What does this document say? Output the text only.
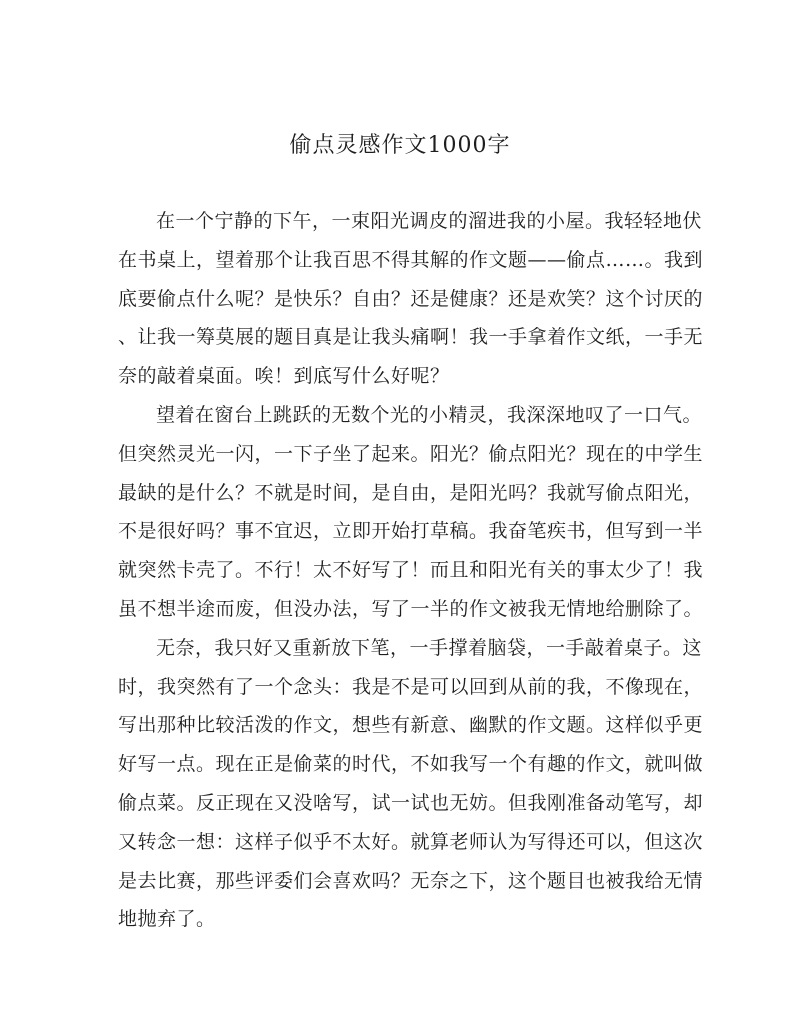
偷点灵感作文1000字
在一个宁静的下午，一束阳光调皮的溜进我的小屋。我轻轻地伏
在书桌上，望着那个让我百思不得其解的作文题——偷点……。我到
底要偷点什么呢？是快乐？自由？还是健康？还是欢笑？这个讨厌的
、让我一筹莫展的题目真是让我头痛啊！我一手拿着作文纸，一手无
奈的敲着桌面。唉！到底写什么好呢？
望着在窗台上跳跃的无数个光的小精灵，我深深地叹了一口气。
但突然灵光一闪，一下子坐了起来。阳光？偷点阳光？现在的中学生
最缺的是什么？不就是时间，是自由，是阳光吗？我就写偷点阳光，
不是很好吗？事不宜迟，立即开始打草稿。我奋笔疾书，但写到一半
就突然卡壳了。不行！太不好写了！而且和阳光有关的事太少了！我
虽不想半途而废，但没办法，写了一半的作文被我无情地给删除了。
无奈，我只好又重新放下笔，一手撑着脑袋，一手敲着桌子。这
时，我突然有了一个念头：我是不是可以回到从前的我，不像现在，
写出那种比较活泼的作文，想些有新意、幽默的作文题。这样似乎更
好写一点。现在正是偷菜的时代，不如我写一个有趣的作文，就叫做
偷点菜。反正现在又没啥写，试一试也无妨。但我刚准备动笔写，却
又转念一想：这样子似乎不太好。就算老师认为写得还可以，但这次
是去比赛，那些评委们会喜欢吗？无奈之下，这个题目也被我给无情
地抛弃了。
